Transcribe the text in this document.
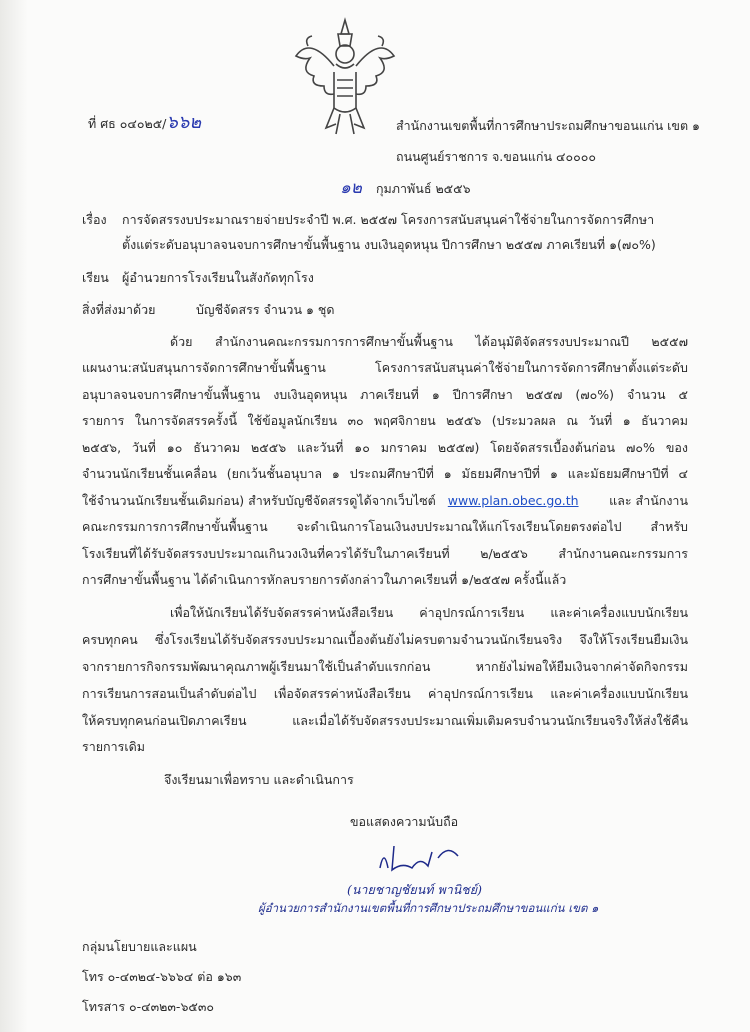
ที่ ศธ ๐๔๐๒๕/๖๖๒	สำนักงานเขตพื้นที่การศึกษาประถมศึกษาขอนแก่น เขต ๑
ถนนศูนย์ราชการ จ.ขอนแก่น ๔๐๐๐๐
๑๒ กุมภาพันธ์ ๒๕๕๖
เรื่อง การจัดสรรงบประมาณรายจ่ายประจำปี พ.ศ. ๒๕๕๗ โครงการสนับสนุนค่าใช้จ่ายในการจัดการศึกษา
ตั้งแต่ระดับอนุบาลจนจบการศึกษาขั้นพื้นฐาน งบเงินอุดหนุน ปีการศึกษา ๒๕๕๗ ภาคเรียนที่ ๑(๗๐%)
เรียน ผู้อำนวยการโรงเรียนในสังกัดทุกโรง
สิ่งที่ส่งมาด้วย	บัญชีจัดสรร จำนวน ๑ ชุด
ด้วย สำนักงานคณะกรรมการการศึกษาขั้นพื้นฐาน ได้อนุมัติจัดสรรงบประมาณปี ๒๕๕๗
แผนงาน:สนับสนุนการจัดการศึกษาขั้นพื้นฐาน โครงการสนับสนุนค่าใช้จ่ายในการจัดการศึกษาตั้งแต่ระดับ
อนุบาลจนจบการศึกษาขั้นพื้นฐาน งบเงินอุดหนุน ภาคเรียนที่ ๑ ปีการศึกษา ๒๕๕๗ (๗๐%) จำนวน ๕
รายการ ในการจัดสรรครั้งนี้ ใช้ข้อมูลนักเรียน ๓๐ พฤศจิกายน ๒๕๕๖ (ประมวลผล ณ วันที่ ๑ ธันวาคม
๒๕๕๖, วันที่ ๑๐ ธันวาคม ๒๕๕๖ และวันที่ ๑๐ มกราคม ๒๕๕๗) โดยจัดสรรเบื้องต้นก่อน ๗๐% ของ
จำนวนนักเรียนชั้นเคลื่อน (ยกเว้นชั้นอนุบาล ๑ ประถมศึกษาปีที่ ๑ มัธยมศึกษาปีที่ ๑ และมัธยมศึกษาปีที่ ๔
ใช้จำนวนนักเรียนชั้นเดิมก่อน) สำหรับบัญชีจัดสรรดูได้จากเว็บไซต์ www.plan.obec.go.th และ สำนักงาน
คณะกรรมการการศึกษาขั้นพื้นฐาน จะดำเนินการโอนเงินงบประมาณให้แก่โรงเรียนโดยตรงต่อไป สำหรับ
โรงเรียนที่ได้รับจัดสรรงบประมาณเกินวงเงินที่ควรได้รับในภาคเรียนที่ ๒/๒๕๕๖ สำนักงานคณะกรรมการ
การศึกษาขั้นพื้นฐาน ได้ดำเนินการหักลบรายการดังกล่าวในภาคเรียนที่ ๑/๒๕๕๗ ครั้งนี้แล้ว
เพื่อให้นักเรียนได้รับจัดสรรค่าหนังสือเรียน ค่าอุปกรณ์การเรียน และค่าเครื่องแบบนักเรียน
ครบทุกคน ซึ่งโรงเรียนได้รับจัดสรรงบประมาณเบื้องต้นยังไม่ครบตามจำนวนนักเรียนจริง จึงให้โรงเรียนยืมเงิน
จากรายการกิจกรรมพัฒนาคุณภาพผู้เรียนมาใช้เป็นลำดับแรกก่อน หากยังไม่พอให้ยืมเงินจากค่าจัดกิจกรรม
การเรียนการสอนเป็นลำดับต่อไป เพื่อจัดสรรค่าหนังสือเรียน ค่าอุปกรณ์การเรียน และค่าเครื่องแบบนักเรียน
ให้ครบทุกคนก่อนเปิดภาคเรียน และเมื่อได้รับจัดสรรงบประมาณเพิ่มเติมครบจำนวนนักเรียนจริงให้ส่งใช้คืน
รายการเดิม
จึงเรียนมาเพื่อทราบ และดำเนินการ
ขอแสดงความนับถือ
(นายชาญชัยนท์ พานิชย์)
ผู้อำนวยการสำนักงานเขตพื้นที่การศึกษาประถมศึกษาขอนแก่น เขต ๑
กลุ่มนโยบายและแผน
โทร ๐-๔๓๒๔-๖๖๖๔ ต่อ ๑๖๓
โทรสาร ๐-๔๓๒๓-๖๕๓๐
